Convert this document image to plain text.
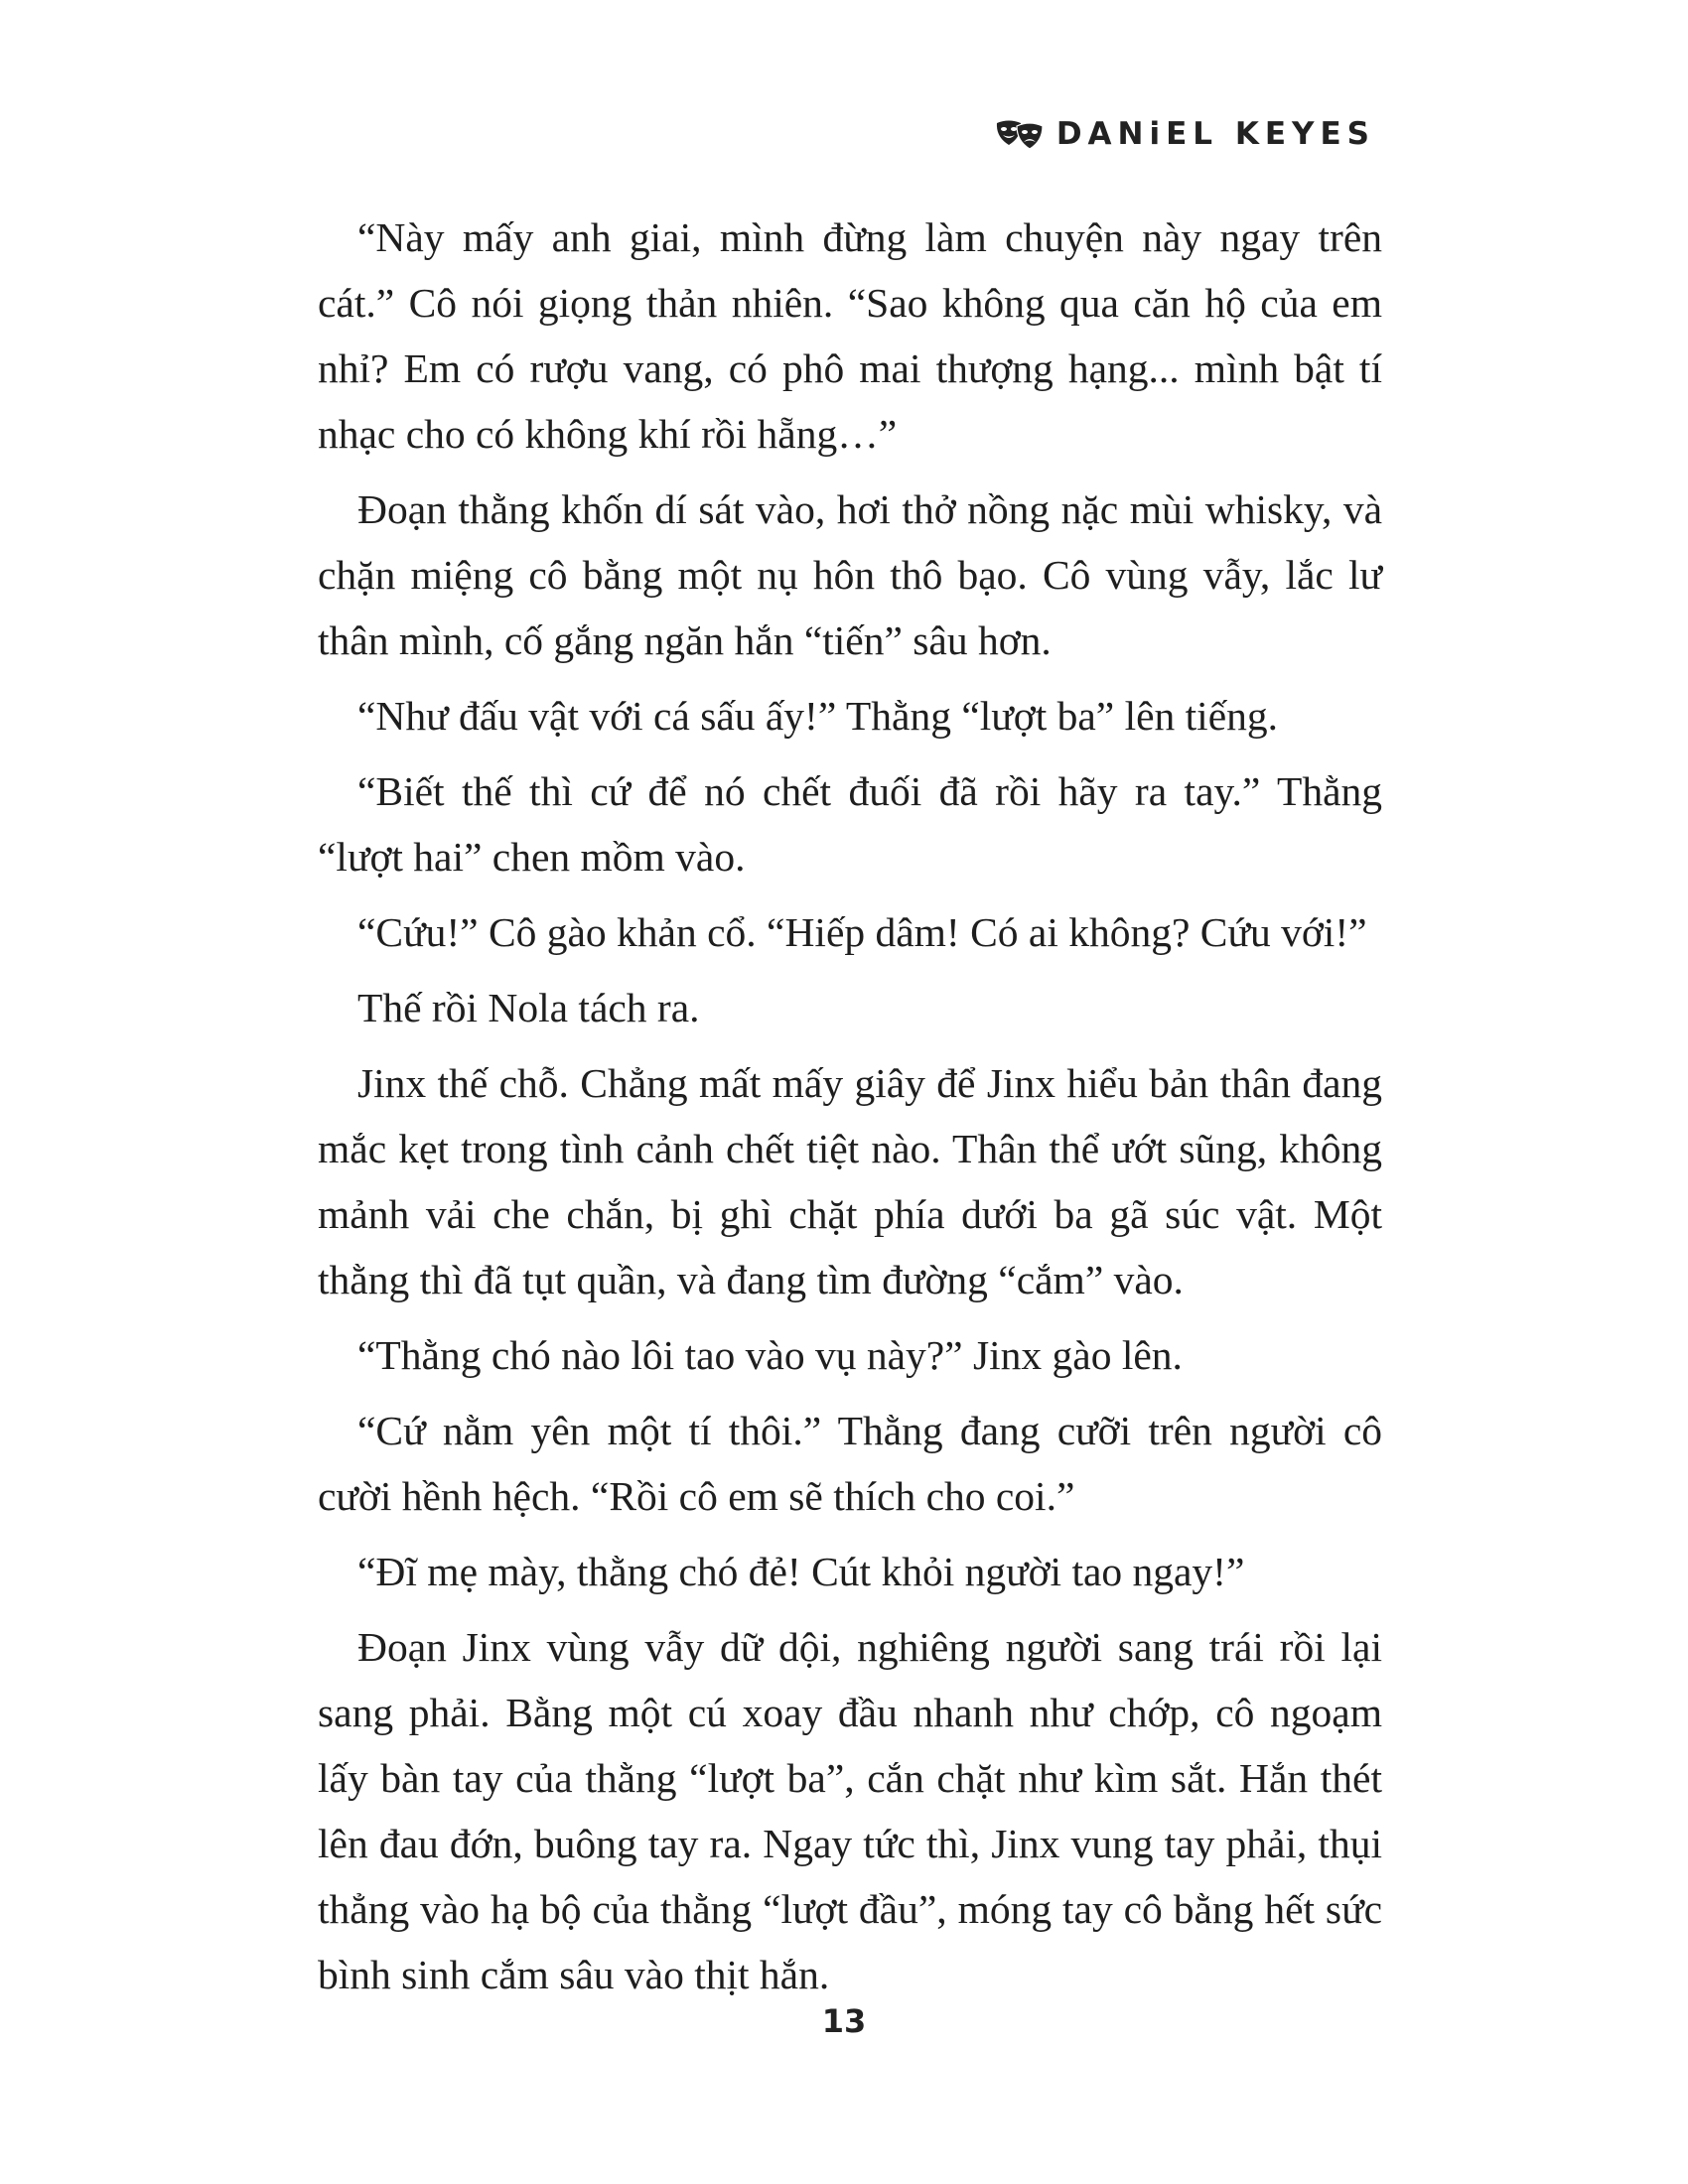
DANiEL KEYES

“Này mấy anh giai, mình đừng làm chuyện này ngay trên cát.” Cô nói giọng thản nhiên. “Sao không qua căn hộ của em nhỉ? Em có rượu vang, có phô mai thượng hạng... mình bật tí nhạc cho có không khí rồi hẵng…”

Đoạn thằng khốn dí sát vào, hơi thở nồng nặc mùi whisky, và chặn miệng cô bằng một nụ hôn thô bạo. Cô vùng vẫy, lắc lư thân mình, cố gắng ngăn hắn “tiến” sâu hơn.

“Như đấu vật với cá sấu ấy!” Thằng “lượt ba” lên tiếng.

“Biết thế thì cứ để nó chết đuối đã rồi hãy ra tay.” Thằng “lượt hai” chen mồm vào.

“Cứu!” Cô gào khản cổ. “Hiếp dâm! Có ai không? Cứu với!”

Thế rồi Nola tách ra.

Jinx thế chỗ. Chẳng mất mấy giây để Jinx hiểu bản thân đang mắc kẹt trong tình cảnh chết tiệt nào. Thân thể ướt sũng, không mảnh vải che chắn, bị ghì chặt phía dưới ba gã súc vật. Một thằng thì đã tụt quần, và đang tìm đường “cắm” vào.

“Thằng chó nào lôi tao vào vụ này?” Jinx gào lên.

“Cứ nằm yên một tí thôi.” Thằng đang cưỡi trên người cô cười hềnh hệch. “Rồi cô em sẽ thích cho coi.”

“Đĩ mẹ mày, thằng chó đẻ! Cút khỏi người tao ngay!”

Đoạn Jinx vùng vẫy dữ dội, nghiêng người sang trái rồi lại sang phải. Bằng một cú xoay đầu nhanh như chớp, cô ngoạm lấy bàn tay của thằng “lượt ba”, cắn chặt như kìm sắt. Hắn thét lên đau đớn, buông tay ra. Ngay tức thì, Jinx vung tay phải, thụi thẳng vào hạ bộ của thằng “lượt đầu”, móng tay cô bằng hết sức bình sinh cắm sâu vào thịt hắn.

13
